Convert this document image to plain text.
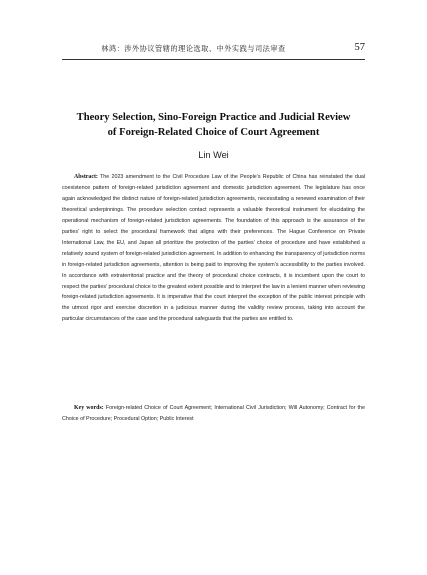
林鸿：涉外协议管辖的理论选取、中外实践与司法审查	57
Theory Selection, Sino-Foreign Practice and Judicial Review
of Foreign-Related Choice of Court Agreement
Lin Wei

Abstract: The 2023 amendment to the Civil Procedure Law of the People’s Republic of China has reinstated the dual coexistence pattern of foreign-related jurisdiction agreement and domestic jurisdiction agreement. The legislature has once again acknowledged the distinct nature of foreign-related jurisdiction agreements, necessitating a renewed examination of their theoretical underpinnings. The procedure selection contact represents a valuable theoretical instrument for elucidating the operational mechanism of foreign-related jurisdiction agreements. The foundation of this approach is the assurance of the parties’ right to select the procedural framework that aligns with their preferences. The Hague Conference on Private International Law, the EU, and Japan all prioritize the protection of the parties’ choice of procedure and have established a relatively sound system of foreign-related jurisdiction agreement. In addition to enhancing the transparency of jurisdiction norms in foreign-related jurisdiction agreements, attention is being paid to improving the system’s accessibility to the parties involved. In accordance with extraterritorial practice and the theory of procedural choice contracts, it is incumbent upon the court to respect the parties’ procedural choice to the greatest extent possible and to interpret the law in a lenient manner when reviewing foreign-related jurisdiction agreements. It is imperative that the court interpret the exception of the public interest principle with the utmost rigor and exercise discretion in a judicious manner during the validity review process, taking into account the particular circumstances of the case and the procedural safeguards that the parties are entitled to.

Key words: Foreign-related Choice of Court Agreement; International Civil Jurisdiction; Will Autonomy; Contract for the Choice of Procedure; Procedural Option; Public Interest
